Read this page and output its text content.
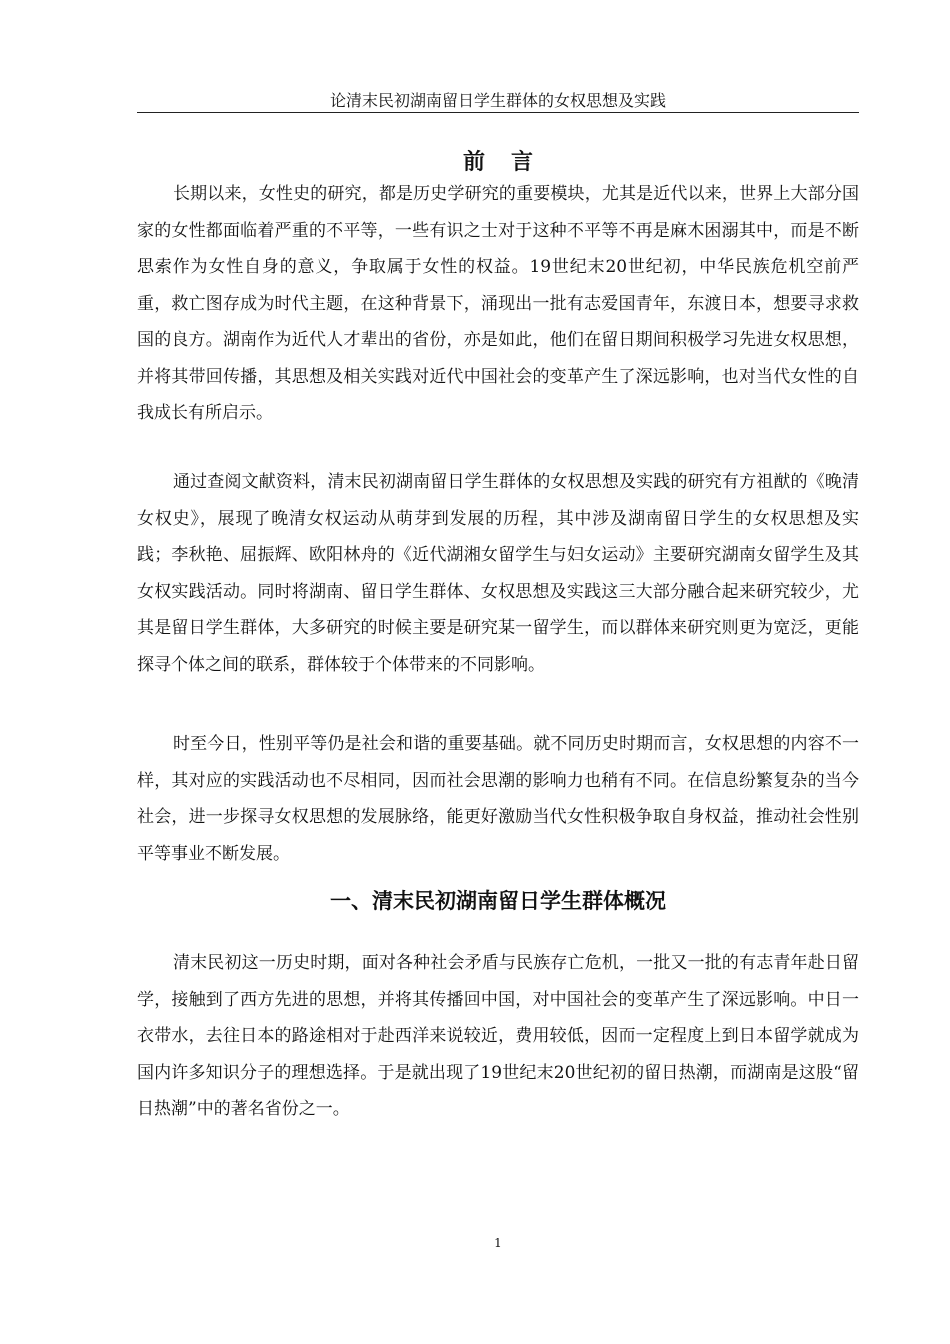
论清末民初湖南留日学生群体的女权思想及实践
前言

长期以来，女性史的研究，都是历史学研究的重要模块，尤其是近代以来，世界上大部分国家的女性都面临着严重的不平等，一些有识之士对于这种不平等不再是麻木困溺其中，而是不断思索作为女性自身的意义，争取属于女性的权益。19世纪末20世纪初，中华民族危机空前严重，救亡图存成为时代主题，在这种背景下，涌现出一批有志爱国青年，东渡日本，想要寻求救国的良方。湖南作为近代人才辈出的省份，亦是如此，他们在留日期间积极学习先进女权思想，并将其带回传播，其思想及相关实践对近代中国社会的变革产生了深远影响，也对当代女性的自我成长有所启示。

通过查阅文献资料，清末民初湖南留日学生群体的女权思想及实践的研究有方祖猷的《晚清女权史》，展现了晚清女权运动从萌芽到发展的历程，其中涉及湖南留日学生的女权思想及实践；李秋艳、屈振辉、欧阳林舟的《近代湖湘女留学生与妇女运动》主要研究湖南女留学生及其女权实践活动。同时将湖南、留日学生群体、女权思想及实践这三大部分融合起来研究较少，尤其是留日学生群体，大多研究的时候主要是研究某一留学生，而以群体来研究则更为宽泛，更能探寻个体之间的联系，群体较于个体带来的不同影响。

时至今日，性别平等仍是社会和谐的重要基础。就不同历史时期而言，女权思想的内容不一样，其对应的实践活动也不尽相同，因而社会思潮的影响力也稍有不同。在信息纷繁复杂的当今社会，进一步探寻女权思想的发展脉络，能更好激励当代女性积极争取自身权益，推动社会性别平等事业不断发展。

一、清末民初湖南留日学生群体概况

清末民初这一历史时期，面对各种社会矛盾与民族存亡危机，一批又一批的有志青年赴日留学，接触到了西方先进的思想，并将其传播回中国，对中国社会的变革产生了深远影响。中日一衣带水，去往日本的路途相对于赴西洋来说较近，费用较低，因而一定程度上到日本留学就成为国内许多知识分子的理想选择。于是就出现了19世纪末20世纪初的留日热潮，而湖南是这股“留日热潮”中的著名省份之一。

1
